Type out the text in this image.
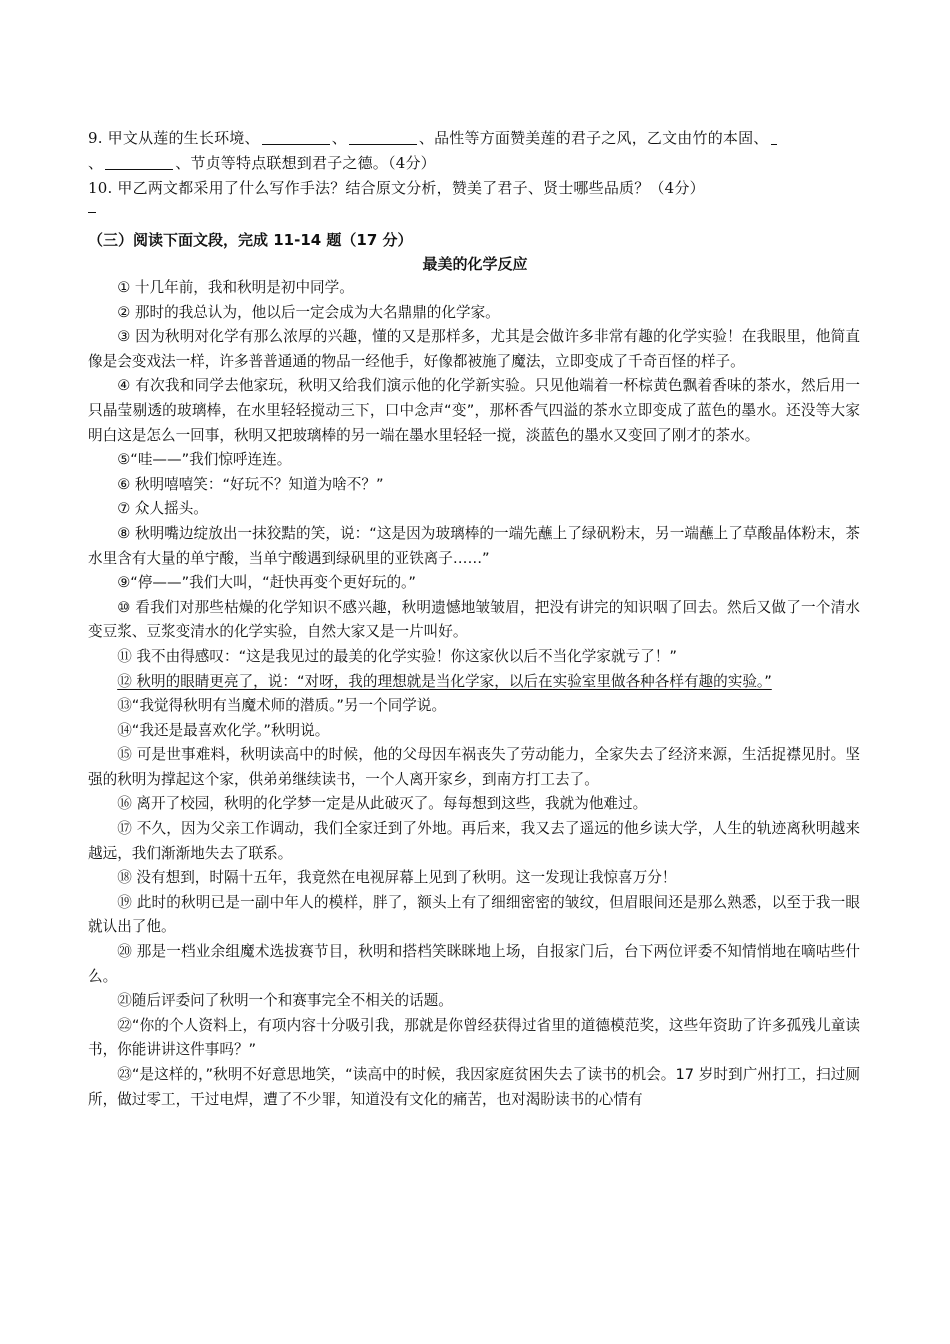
9. 甲文从莲的生长环境、	、	、品性等方面赞美莲的君子之风，乙文由竹的本固、
、	、节贞等特点联想到君子之德。（4分）
10. 甲乙两文都采用了什么写作手法？结合原文分析，赞美了君子、贤士哪些品质？（4分）
（三）阅读下面文段，完成 11-14 题（17 分）
最美的化学反应

① 十几年前，我和秋明是初中同学。

② 那时的我总认为，他以后一定会成为大名鼎鼎的化学家。

③ 因为秋明对化学有那么浓厚的兴趣，懂的又是那样多，尤其是会做许多非常有趣的化学实验！在我眼里，他简直像是会变戏法一样，许多普普通通的物品一经他手，好像都被施了魔法，立即变成了千奇百怪的样子。

④ 有次我和同学去他家玩，秋明又给我们演示他的化学新实验。只见他端着一杯棕黄色飘着香味的茶水，然后用一只晶莹剔透的玻璃棒，在水里轻轻搅动三下，口中念声“变”，那杯香气四溢的茶水立即变成了蓝色的墨水。还没等大家明白这是怎么一回事，秋明又把玻璃棒的另一端在墨水里轻轻一搅，淡蓝色的墨水又变回了刚才的茶水。

⑤“哇——”我们惊呼连连。

⑥ 秋明嘻嘻笑：“好玩不？知道为啥不？”

⑦ 众人摇头。

⑧ 秋明嘴边绽放出一抹狡黠的笑，说：“这是因为玻璃棒的一端先蘸上了绿矾粉末，另一端蘸上了草酸晶体粉末，茶水里含有大量的单宁酸，当单宁酸遇到绿矾里的亚铁离子……”

⑨“停——”我们大叫，“赶快再变个更好玩的。”

⑩ 看我们对那些枯燥的化学知识不感兴趣，秋明遗憾地皱皱眉，把没有讲完的知识咽了回去。然后又做了一个清水变豆浆、豆浆变清水的化学实验，自然大家又是一片叫好。

⑪ 我不由得感叹：“这是我见过的最美的化学实验！你这家伙以后不当化学家就亏了！”

⑫ 秋明的眼睛更亮了，说：“对呀，我的理想就是当化学家，以后在实验室里做各种各样有趣的实验。”

⑬“我觉得秋明有当魔术师的潜质。”另一个同学说。

⑭“我还是最喜欢化学。”秋明说。

⑮ 可是世事难料，秋明读高中的时候，他的父母因车祸丧失了劳动能力，全家失去了经济来源，生活捉襟见肘。坚强的秋明为撑起这个家，供弟弟继续读书，一个人离开家乡，到南方打工去了。

⑯ 离开了校园，秋明的化学梦一定是从此破灭了。每每想到这些，我就为他难过。

⑰ 不久，因为父亲工作调动，我们全家迁到了外地。再后来，我又去了遥远的他乡读大学，人生的轨迹离秋明越来越远，我们渐渐地失去了联系。

⑱ 没有想到，时隔十五年，我竟然在电视屏幕上见到了秋明。这一发现让我惊喜万分！

⑲ 此时的秋明已是一副中年人的模样，胖了，额头上有了细细密密的皱纹，但眉眼间还是那么熟悉，以至于我一眼就认出了他。

⑳ 那是一档业余组魔术选拔赛节目，秋明和搭档笑眯眯地上场，自报家门后，台下两位评委不知情悄地在嘀咕些什么。

㉑随后评委问了秋明一个和赛事完全不相关的话题。

㉒“你的个人资料上，有项内容十分吸引我，那就是你曾经获得过省里的道德模范奖，这些年资助了许多孤残儿童读书，你能讲讲这件事吗？”

㉓“是这样的，”秋明不好意思地笑，“读高中的时候，我因家庭贫困失去了读书的机会。17 岁时到广州打工，扫过厕所，做过零工，干过电焊，遭了不少罪，知道没有文化的痛苦，也对渴盼读书的心情有
